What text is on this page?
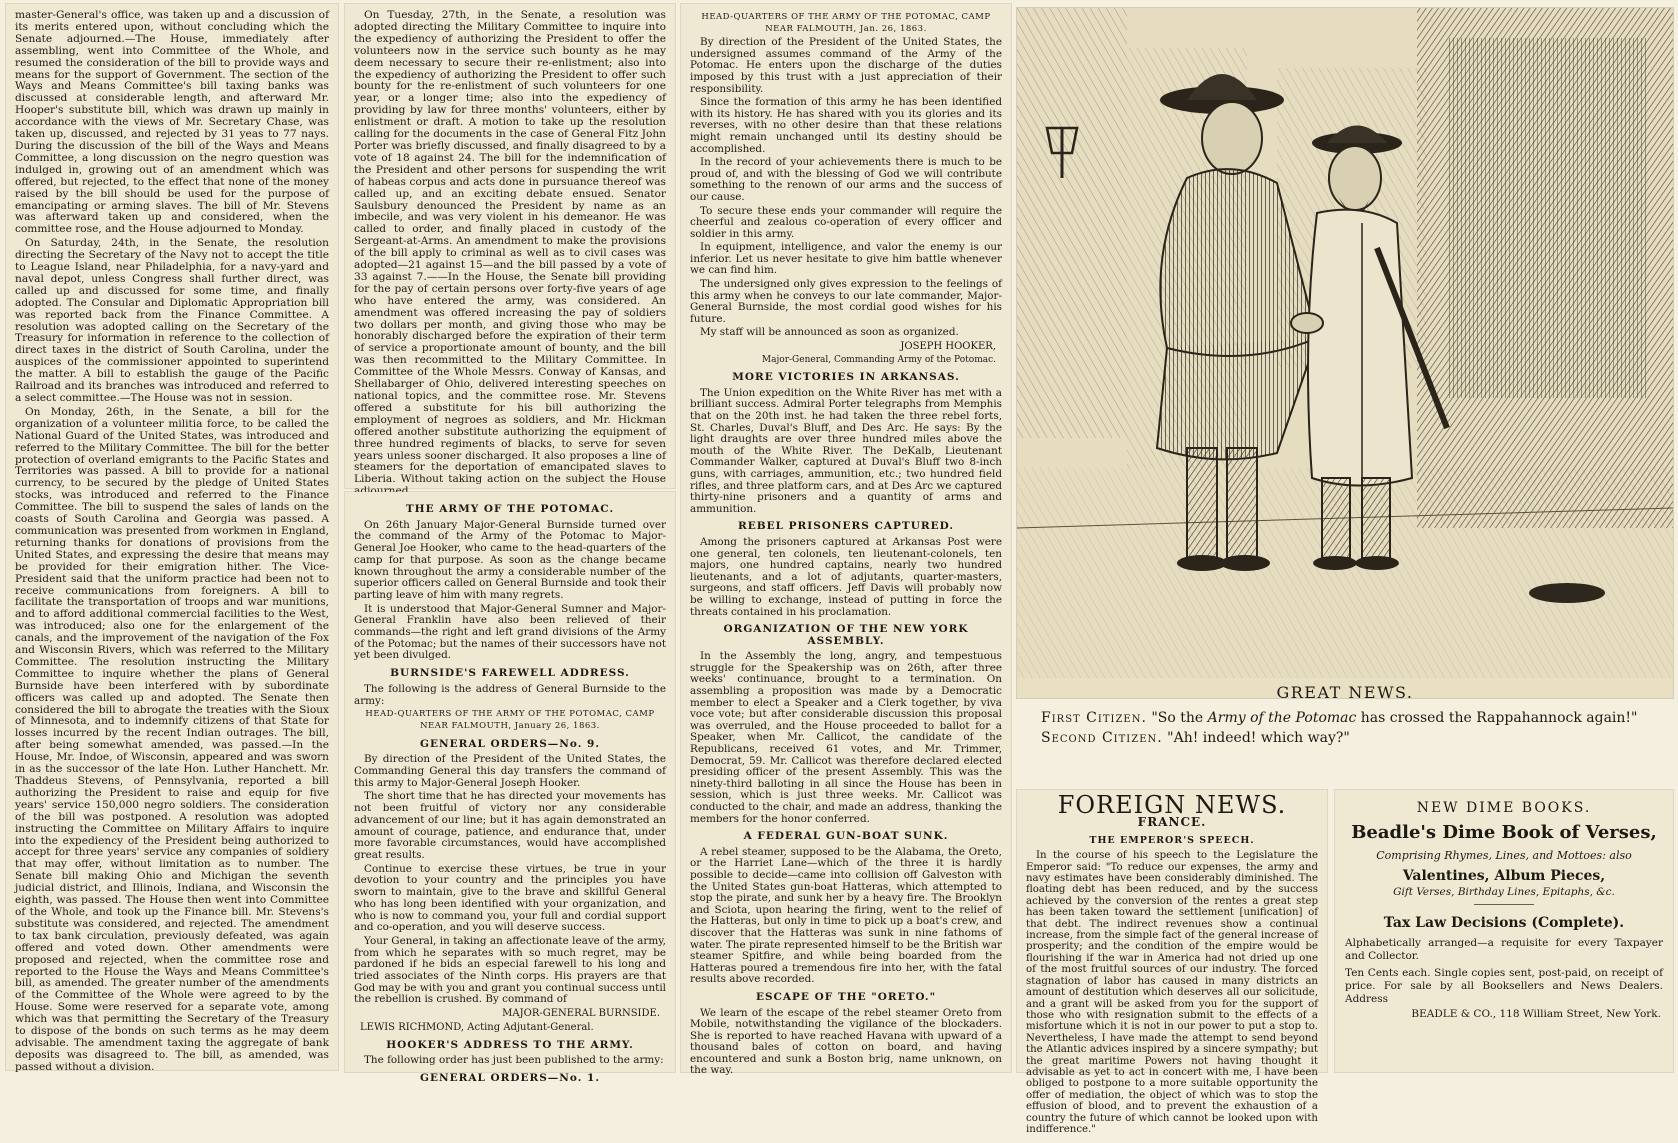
master-General's office, was taken up and a discussion of its merits entered upon, without concluding which the Senate adjourned.—The House, immediately after assembling, went into Committee of the Whole, and resumed the consideration of the bill to provide ways and means for the support of Government. The section of the Ways and Means Committee's bill taxing banks was discussed at considerable length, and afterward Mr. Hooper's substitute bill, which was drawn up mainly in accordance with the views of Mr. Secretary Chase, was taken up, discussed, and rejected by 31 yeas to 77 nays. During the discussion of the bill of the Ways and Means Committee, a long discussion on the negro question was indulged in, growing out of an amendment which was offered, but rejected, to the effect that none of the money raised by the bill should be used for the purpose of emancipating or arming slaves. The bill of Mr. Stevens was afterward taken up and considered, when the committee rose, and the House adjourned to Monday.

On Saturday, 24th, in the Senate, the resolution directing the Secretary of the Navy not to accept the title to League Island, near Philadelphia, for a navy-yard and naval depot, unless Congress shall further direct, was called up and discussed for some time, and finally adopted. The Consular and Diplomatic Appropriation bill was reported back from the Finance Committee. A resolution was adopted calling on the Secretary of the Treasury for information in reference to the collection of direct taxes in the district of South Carolina, under the auspices of the commissioner appointed to superintend the matter. A bill to establish the gauge of the Pacific Railroad and its branches was introduced and referred to a select committee.—The House was not in session.

On Monday, 26th, in the Senate, a bill for the organization of a volunteer militia force, to be called the National Guard of the United States, was introduced and referred to the Military Committee. The bill for the better protection of overland emigrants to the Pacific States and Territories was passed. A bill to provide for a national currency, to be secured by the pledge of United States stocks, was introduced and referred to the Finance Committee. The bill to suspend the sales of lands on the coasts of South Carolina and Georgia was passed. A communication was presented from workmen in England, returning thanks for donations of provisions from the United States, and expressing the desire that means may be provided for their emigration hither. The Vice-President said that the uniform practice had been not to receive communications from foreigners. A bill to facilitate the transportation of troops and war munitions, and to afford additional commercial facilities to the West, was introduced; also one for the enlargement of the canals, and the improvement of the navigation of the Fox and Wisconsin Rivers, which was referred to the Military Committee. The resolution instructing the Military Committee to inquire whether the plans of General Burnside have been interfered with by subordinate officers was called up and adopted. The Senate then considered the bill to abrogate the treaties with the Sioux of Minnesota, and to indemnify citizens of that State for losses incurred by the recent Indian outrages. The bill, after being somewhat amended, was passed.—In the House, Mr. Indoe, of Wisconsin, appeared and was sworn in as the successor of the late Hon. Luther Hanchett. Mr. Thaddeus Stevens, of Pennsylvania, reported a bill authorizing the President to raise and equip for five years' service 150,000 negro soldiers. The consideration of the bill was postponed. A resolution was adopted instructing the Committee on Military Affairs to inquire into the expediency of the President being authorized to accept for three years' service any companies of soldiery that may offer, without limitation as to number. The Senate bill making Ohio and Michigan the seventh judicial district, and Illinois, Indiana, and Wisconsin the eighth, was passed. The House then went into Committee of the Whole, and took up the Finance bill. Mr. Stevens's substitute was considered, and rejected. The amendment to tax bank circulation, previously defeated, was again offered and voted down. Other amendments were proposed and rejected, when the committee rose and reported to the House the Ways and Means Committee's bill, as amended. The greater number of the amendments of the Committee of the Whole were agreed to by the House. Some were reserved for a separate vote, among which was that permitting the Secretary of the Treasury to dispose of the bonds on such terms as he may deem advisable. The amendment taxing the aggregate of bank deposits was disagreed to. The bill, as amended, was passed without a division.

On Tuesday, 27th, in the Senate, a resolution was adopted directing the Military Committee to inquire into the expediency of authorizing the President to offer the volunteers now in the service such bounty as he may deem necessary to secure their re-enlistment; also into the expediency of authorizing the President to offer such bounty for the re-enlistment of such volunteers for one year, or a longer time; also into the expediency of providing by law for three months' volunteers, either by enlistment or draft. A motion to take up the resolution calling for the documents in the case of General Fitz John Porter was briefly discussed, and finally disagreed to by a vote of 18 against 24. The bill for the indemnification of the President and other persons for suspending the writ of habeas corpus and acts done in pursuance thereof was called up, and an exciting debate ensued. Senator Saulsbury denounced the President by name as an imbecile, and was very violent in his demeanor. He was called to order, and finally placed in custody of the Sergeant-at-Arms. An amendment to make the provisions of the bill apply to criminal as well as to civil cases was adopted—21 against 15—and the bill passed by a vote of 33 against 7.——In the House, the Senate bill providing for the pay of certain persons over forty-five years of age who have entered the army, was considered. An amendment was offered increasing the pay of soldiers two dollars per month, and giving those who may be honorably discharged before the expiration of their term of service a proportionate amount of bounty, and the bill was then recommitted to the Military Committee. In Committee of the Whole Messrs. Conway of Kansas, and Shellabarger of Ohio, delivered interesting speeches on national topics, and the committee rose. Mr. Stevens offered a substitute for his bill authorizing the employment of negroes as soldiers, and Mr. Hickman offered another substitute authorizing the equipment of three hundred regiments of blacks, to serve for seven years unless sooner discharged. It also proposes a line of steamers for the deportation of emancipated slaves to Liberia. Without taking action on the subject the House

THE ARMY OF THE POTOMAC.

On 26th January Major-General Burnside turned over the command of the Army of the Potomac to Major-General Joe Hooker, who came to the head-quarters of the camp for that purpose. As soon as the change became known throughout the army a considerable number of the superior officers called on General Burnside and took their parting leave of him with many regrets.

It is understood that Major-General Sumner and Major-General Franklin have also been relieved of their commands—the right and left grand divisions of the Army of the Potomac; but the names of their successors have not yet been divulged.

BURNSIDE'S FAREWELL ADDRESS.

The following is the address of General Burnside to the army:

HEAD-QUARTERS OF THE ARMY OF THE POTOMAC, CAMP NEAR FALMOUTH, January 26, 1863.
GENERAL ORDERS—No. 9.

By direction of the President of the United States, the Commanding General this day transfers the command of this army to Major-General Joseph Hooker.

The short time that he has directed your movements has not been fruitful of victory nor any considerable advancement of our line; but it has again demonstrated an amount of courage, patience, and endurance that, under more favorable circumstances, would have accomplished great results.

Continue to exercise these virtues, be true in your devotion to your country and the principles you have sworn to maintain, give to the brave and skillful General who has long been identified with your organization, and who is now to command you, your full and cordial support and co-operation, and you will deserve success.

Your General, in taking an affectionate leave of the army, from which he separates with so much regret, may be pardoned if he bids an especial farewell to his long and tried associates of the Ninth corps. His prayers are that God may be with you and grant you continual success until the rebellion is crushed. By command of

MAJOR-GENERAL BURNSIDE.
LEWIS RICHMOND, Acting Adjutant-General.
HOOKER'S ADDRESS TO THE ARMY.

The following order has just been published to the army:

GENERAL ORDERS—No. 1.
HEAD-QUARTERS OF THE ARMY OF THE POTOMAC, CAMP NEAR FALMOUTH, Jan. 26, 1863.

By direction of the President of the United States, the undersigned assumes command of the Army of the Potomac. He enters upon the discharge of the duties imposed by this trust with a just appreciation of their responsibility.

Since the formation of this army he has been identified with its history. He has shared with you its glories and its reverses, with no other desire than that these relations might remain unchanged until its destiny should be accomplished.

In the record of your achievements there is much to be proud of, and with the blessing of God we will contribute something to the renown of our arms and the success of our cause.

To secure these ends your commander will require the cheerful and zealous co-operation of every officer and soldier in this army.

In equipment, intelligence, and valor the enemy is our inferior. Let us never hesitate to give him battle whenever we can find him.

The undersigned only gives expression to the feelings of this army when he conveys to our late commander, Major-General Burnside, the most cordial good wishes for his future.

My staff will be announced as soon as organized.

JOSEPH HOOKER,
Major-General, Commanding Army of the Potomac.
MORE VICTORIES IN ARKANSAS.

The Union expedition on the White River has met with a brilliant success. Admiral Porter telegraphs from Memphis that on the 20th inst. he had taken the three rebel forts, St. Charles, Duval's Bluff, and Des Arc. He says: By the light draughts are over three hundred miles above the mouth of the White River. The DeKalb, Lieutenant Commander Walker, captured at Duval's Bluff two 8-inch guns, with carriages, ammunition, etc.; two hundred field rifles, and three platform cars, and at Des Arc we captured thirty-nine prisoners and a quantity of arms and ammunition.

REBEL PRISONERS CAPTURED.

Among the prisoners captured at Arkansas Post were one general, ten colonels, ten lieutenant-colonels, ten majors, one hundred captains, nearly two hundred lieutenants, and a lot of adjutants, quarter-masters, surgeons, and staff officers. Jeff Davis will probably now be willing to exchange, instead of putting in force the threats contained in his proclamation.

ORGANIZATION OF THE NEW YORK ASSEMBLY.

In the Assembly the long, angry, and tempestuous struggle for the Speakership was on 26th, after three weeks' continuance, brought to a termination. On assembling a proposition was made by a Democratic member to elect a Speaker and a Clerk together, by viva voce vote; but after considerable discussion this proposal was overruled, and the House proceeded to ballot for a Speaker, when Mr. Callicot, the candidate of the Republicans, received 61 votes, and Mr. Trimmer, Democrat, 59. Mr. Callicot was therefore declared elected presiding officer of the present Assembly. This was the ninety-third balloting in all since the House has been in session, which is just three weeks. Mr. Callicot was conducted to the chair, and made an address, thanking the members for the honor conferred.

A FEDERAL GUN-BOAT SUNK.

A rebel steamer, supposed to be the Alabama, the Oreto, or the Harriet Lane—which of the three it is hardly possible to decide—came into collision off Galveston with the United States gun-boat Hatteras, which attempted to stop the pirate, and sunk her by a heavy fire. The Brooklyn and Sciota, upon hearing the firing, went to the relief of the Hatteras, but only in time to pick up a boat's crew, and discover that the Hatteras was sunk in nine fathoms of water. The pirate represented himself to be the British war steamer Spitfire, and while being boarded from the Hatteras poured a tremendous fire into her, with the fatal results above recorded.

ESCAPE OF THE "ORETO."

We learn of the escape of the rebel steamer Oreto from Mobile, notwithstanding the vigilance of the blockaders. She is reported to have reached Havana with upward of a thousand bales of cotton on board, and having encountered and sunk a Boston brig, name unknown, on the way.

GREAT NEWS.
First Citizen. "So the Army of the Potomac has crossed the Rappahannock again!"
Second Citizen. "Ah! indeed! which way?"
FOREIGN NEWS.
FRANCE.
THE EMPEROR'S SPEECH.

In the course of his speech to the Legislature the Emperor said: "To reduce our expenses, the army and navy estimates have been considerably diminished. The floating debt has been reduced, and by the success achieved by the conversion of the rentes a great step has been taken toward the settlement [unification] of that debt. The indirect revenues show a continual increase, from the simple fact of the general increase of prosperity; and the condition of the empire would be flourishing if the war in America had not dried up one of the most fruitful sources of our industry. The forced stagnation of labor has caused in many districts an amount of destitution which deserves all our solicitude, and a grant will be asked from you for the support of those who with resignation submit to the effects of a misfortune which it is not in our power to put a stop to. Nevertheless, I have made the attempt to send beyond the Atlantic advices inspired by a sincere sympathy; but the great maritime Powers not having thought it advisable as yet to act in concert with me, I have been obliged to postpone to a more suitable opportunity the offer of mediation, the object of which was to stop the effusion of blood, and to prevent the exhaustion of a country the future of which cannot be looked upon with indifference."

NEW DIME BOOKS.
Beadle's Dime Book of Verses,
Comprising Rhymes, Lines, and Mottoes: also
Valentines, Album Pieces,
Gift Verses, Birthday Lines, Epitaphs, &c.
Tax Law Decisions (Complete).
Alphabetically arranged—a requisite for every Taxpayer and Collector.
Ten Cents each. Single copies sent, post-paid, on receipt of price. For sale by all Booksellers and News Dealers. Address
BEADLE & CO., 118 William Street, New York.
